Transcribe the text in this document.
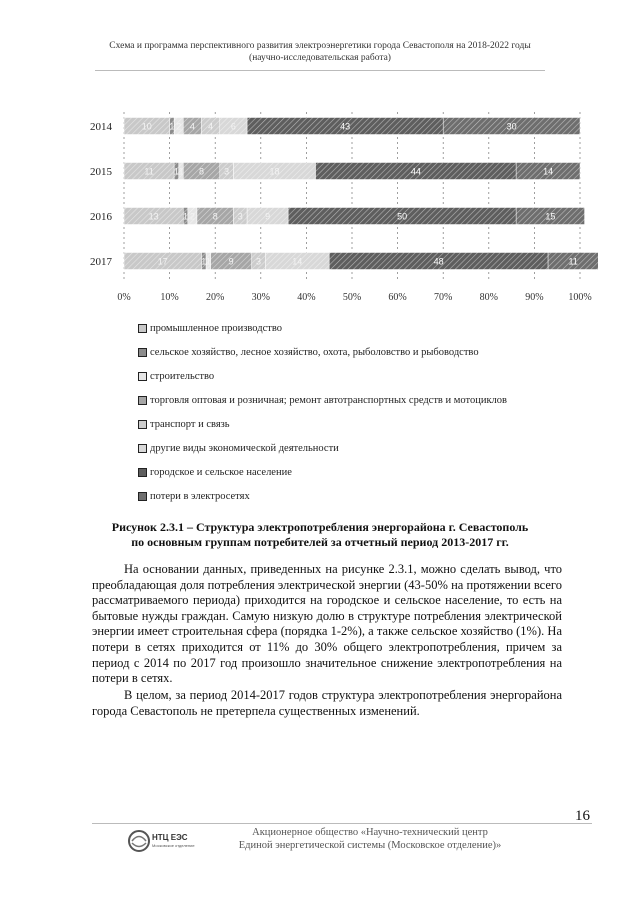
Схема и программа перспективного развития электроэнергетики города Севастополя на 2018-2022 годы
(научно-исследовательская работа)
10 1 2 4 4 6	43	30
11 1 1 8 3	18	44	14
13	1 2 8 3 9	50	15
17	1 1 9 3	14	48	11
0%	10%	20%	30%	40%	50%	60%	70%	80%	90% 100%
2014
2015
2016
2017
промышленное производство
сельское хозяйство, лесное хозяйство, охота, рыболовство и рыбоводство
строительство
торговля оптовая и розничная; ремонт автотранспортных средств и мотоциклов
транспорт и связь
другие виды экономической деятельности
городское и сельское население
потери в электросетях
Рисунок 2.3.1 – Структура электропотребления энергорайона г. Севастополь
по основным группам потребителей за отчетный период 2013-2017 гг.

На основании данных, приведенных на рисунке 2.3.1, можно сделать вывод, что преобладающая доля потребления электрической энергии (43-50% на протяжении всего рассматриваемого периода) приходится на городское и сельское население, то есть на бытовые нужды граждан. Самую низкую долю в структуре потребления электрической энергии имеет строительная сфера (порядка 1-2%), а также сельское хозяйство (1%). На потери в сетях приходится от 11% до 30% общего электропотребления, причем за период с 2014 по 2017 год произошло значительное снижение электропотребления на потери в сетях.

В целом, за период 2014-2017 годов структура электропотребления энергорайона города Севастополь не претерпела существенных изменений.

16
НТЦ ЕЭС
Московское отделение
Акционерное общество «Научно-технический центр
Единой энергетической системы (Московское отделение)»
